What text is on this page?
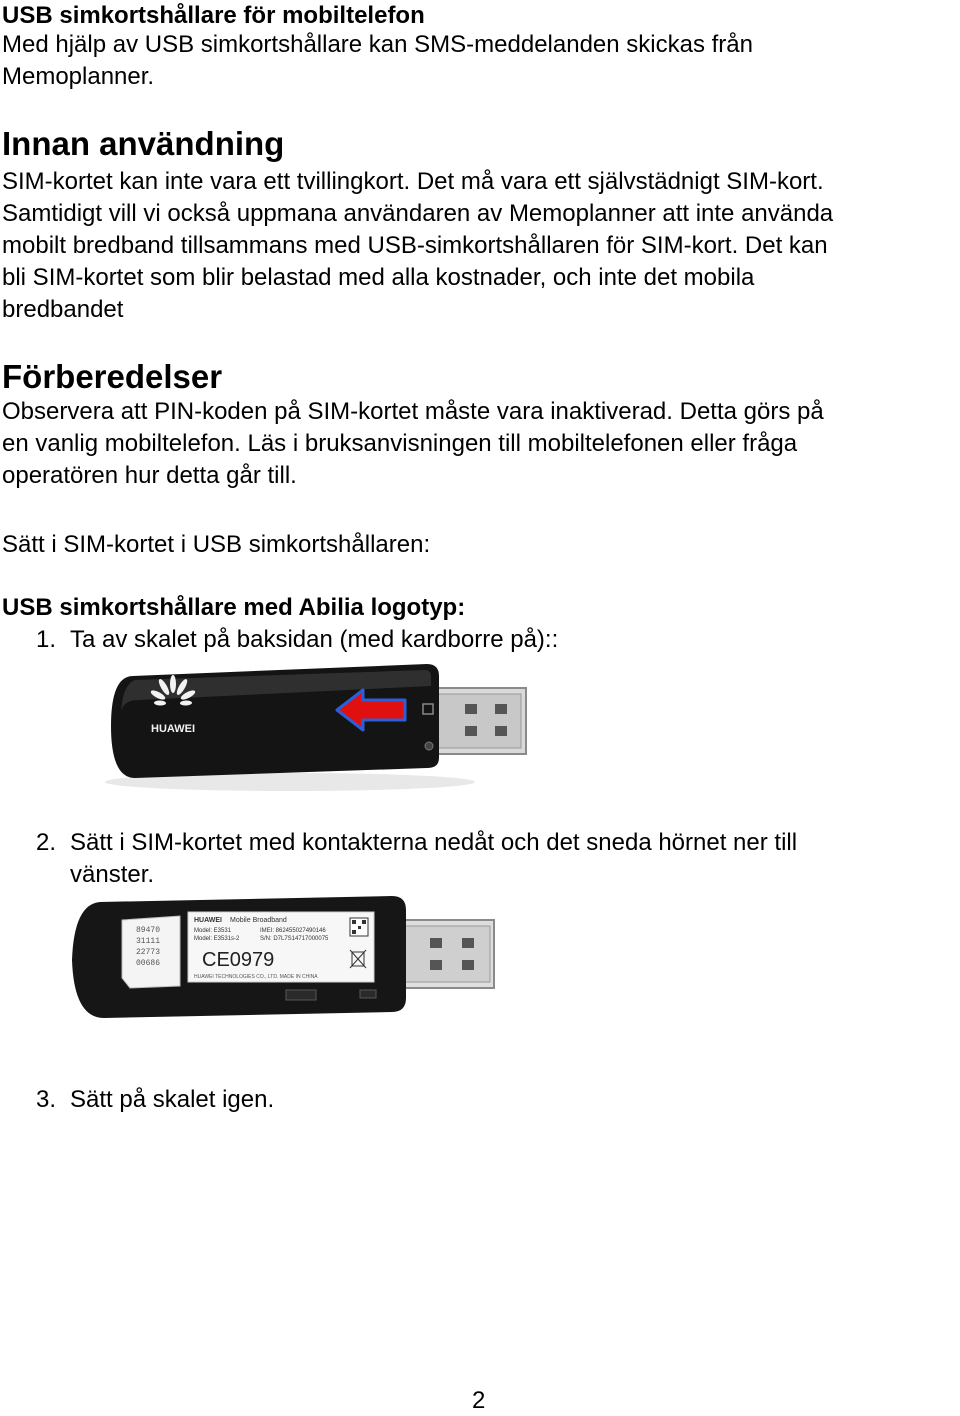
USB simkortshållare för mobiltelefon

Med hjälp av USB simkortshållare kan SMS-meddelanden skickas från

Memoplanner.

Innan användning

SIM-kortet kan inte vara ett tvillingkort. Det må vara ett självstädnigt SIM-kort.

Samtidigt vill vi också uppmana användaren av Memoplanner att inte använda

mobilt bredband tillsammans med USB-simkortshållaren för SIM-kort. Det kan

bli SIM-kortet som blir belastad med alla kostnader, och inte det mobila

bredbandet

Förberedelser

Observera att PIN-koden på SIM-kortet måste vara inaktiverad. Detta görs på

en vanlig mobiltelefon. Läs i bruksanvisningen till mobiltelefonen eller fråga

operatören hur detta går till.

Sätt i SIM-kortet i USB simkortshållaren:

USB simkortshållare med Abilia logotyp:

1. Ta av skalet på baksidan (med kardborre på)::
HUAWEI
2. Sätt i SIM-kortet med kontakterna nedåt och det sneda hörnet ner till
vänster.
89470
31111
22773
00686
HUAWEI Mobile Broadband
Model: E3531	IMEI: 862455027490146
Model: E3531s-2	S/N: D7L7S14717000075
CE0979
HUAWEI TECHNOLOGIES CO., LTD. MADE IN CHINA
3. Sätt på skalet igen.
2
